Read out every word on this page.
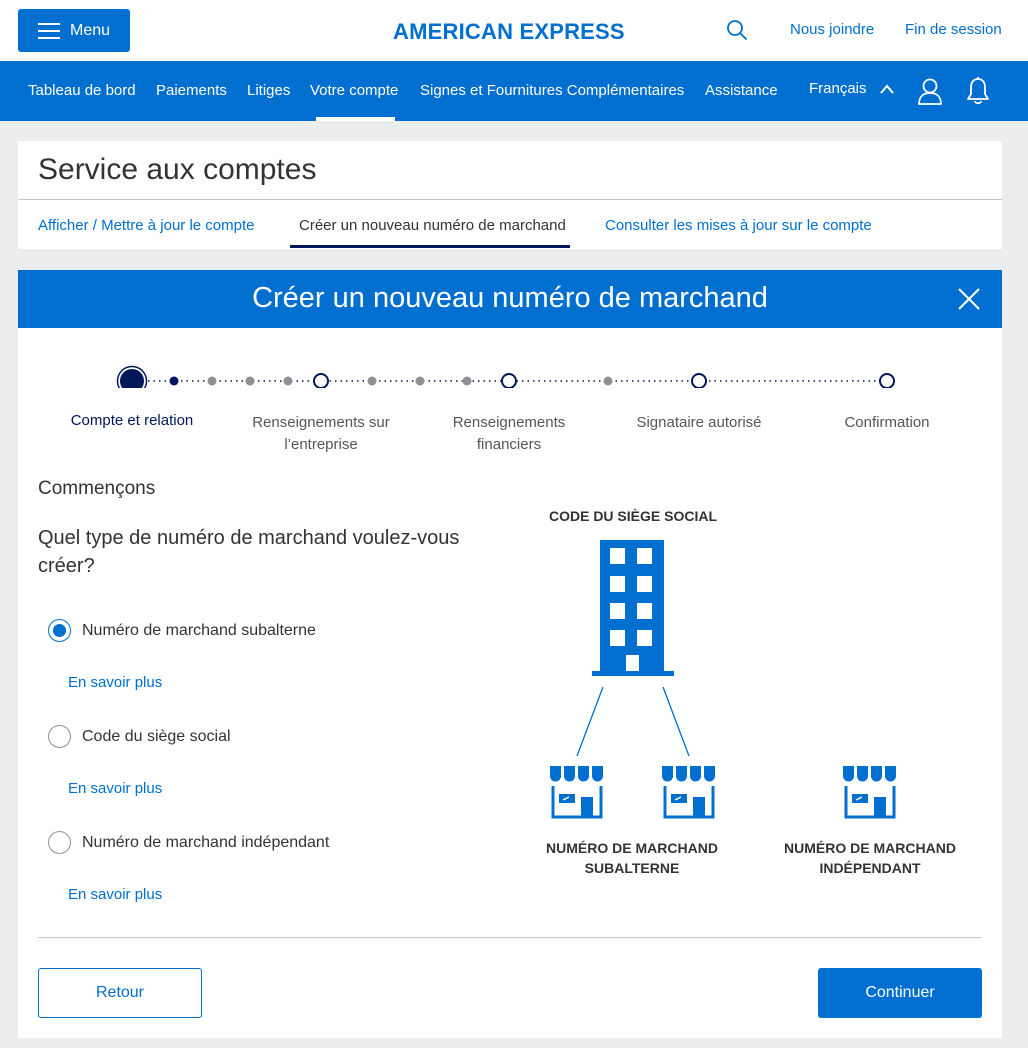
Menu	AMERICAN EXPRESS	Nous joindre Fin de session
Tableau de bord Paiements Litiges Votre compte Signes et Fournitures Complémentaires Assistance Français
Service aux comptes
Afficher / Mettre à jour le compte	Créer un nouveau numéro de marchand	Consulter les mises à jour sur le compte
Créer un nouveau numéro de marchand
Compte et relation	Renseignements sur
l’entreprise
Renseignements
financiers
Signataire autorisé	Confirmation
Commençons
Quel type de numéro de marchand voulez-vous créer?
Numéro de marchand subalterne
En savoir plus
Code du siège social
En savoir plus
Numéro de marchand indépendant
En savoir plus
CODE DU SIÈGE SOCIAL
NUMÉRO DE MARCHAND
SUBALTERNE
NUMÉRO DE MARCHAND
INDÉPENDANT
Retour	Continuer
